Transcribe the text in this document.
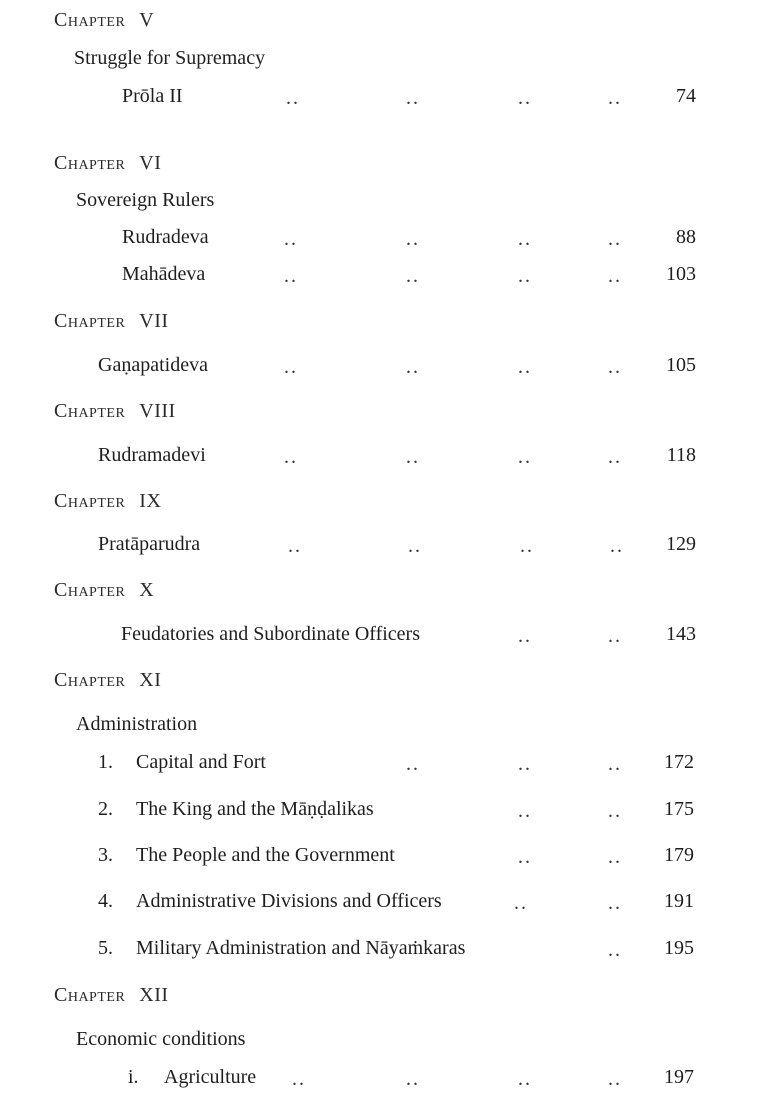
Chapter V
Struggle for Supremacy
Prōla II	..	..	..	..	74
Chapter VI
Sovereign Rulers
Rudradeva	..	..	..	..	88
Mahādeva	..	..	..	..	103
Chapter VII
Gaṇapatideva	..	..	..	..	105
Chapter VIII
Rudramadevi	..	..	..	..	118
Chapter IX
Pratāparudra	..	..	..	..	129
Chapter X
Feudatories and Subordinate Officers	..	..	143
Chapter XI
Administration
1. Capital and Fort	..	..	..	172
2. The King and the Māṇḍalikas	..	..	175
3. The People and the Government	..	..	179
4. Administrative Divisions and Officers	..	..	191
5. Military Administration and Nāyaṁkaras	..	195
Chapter XII
Economic conditions
i. Agriculture ..	..	..	..	197
